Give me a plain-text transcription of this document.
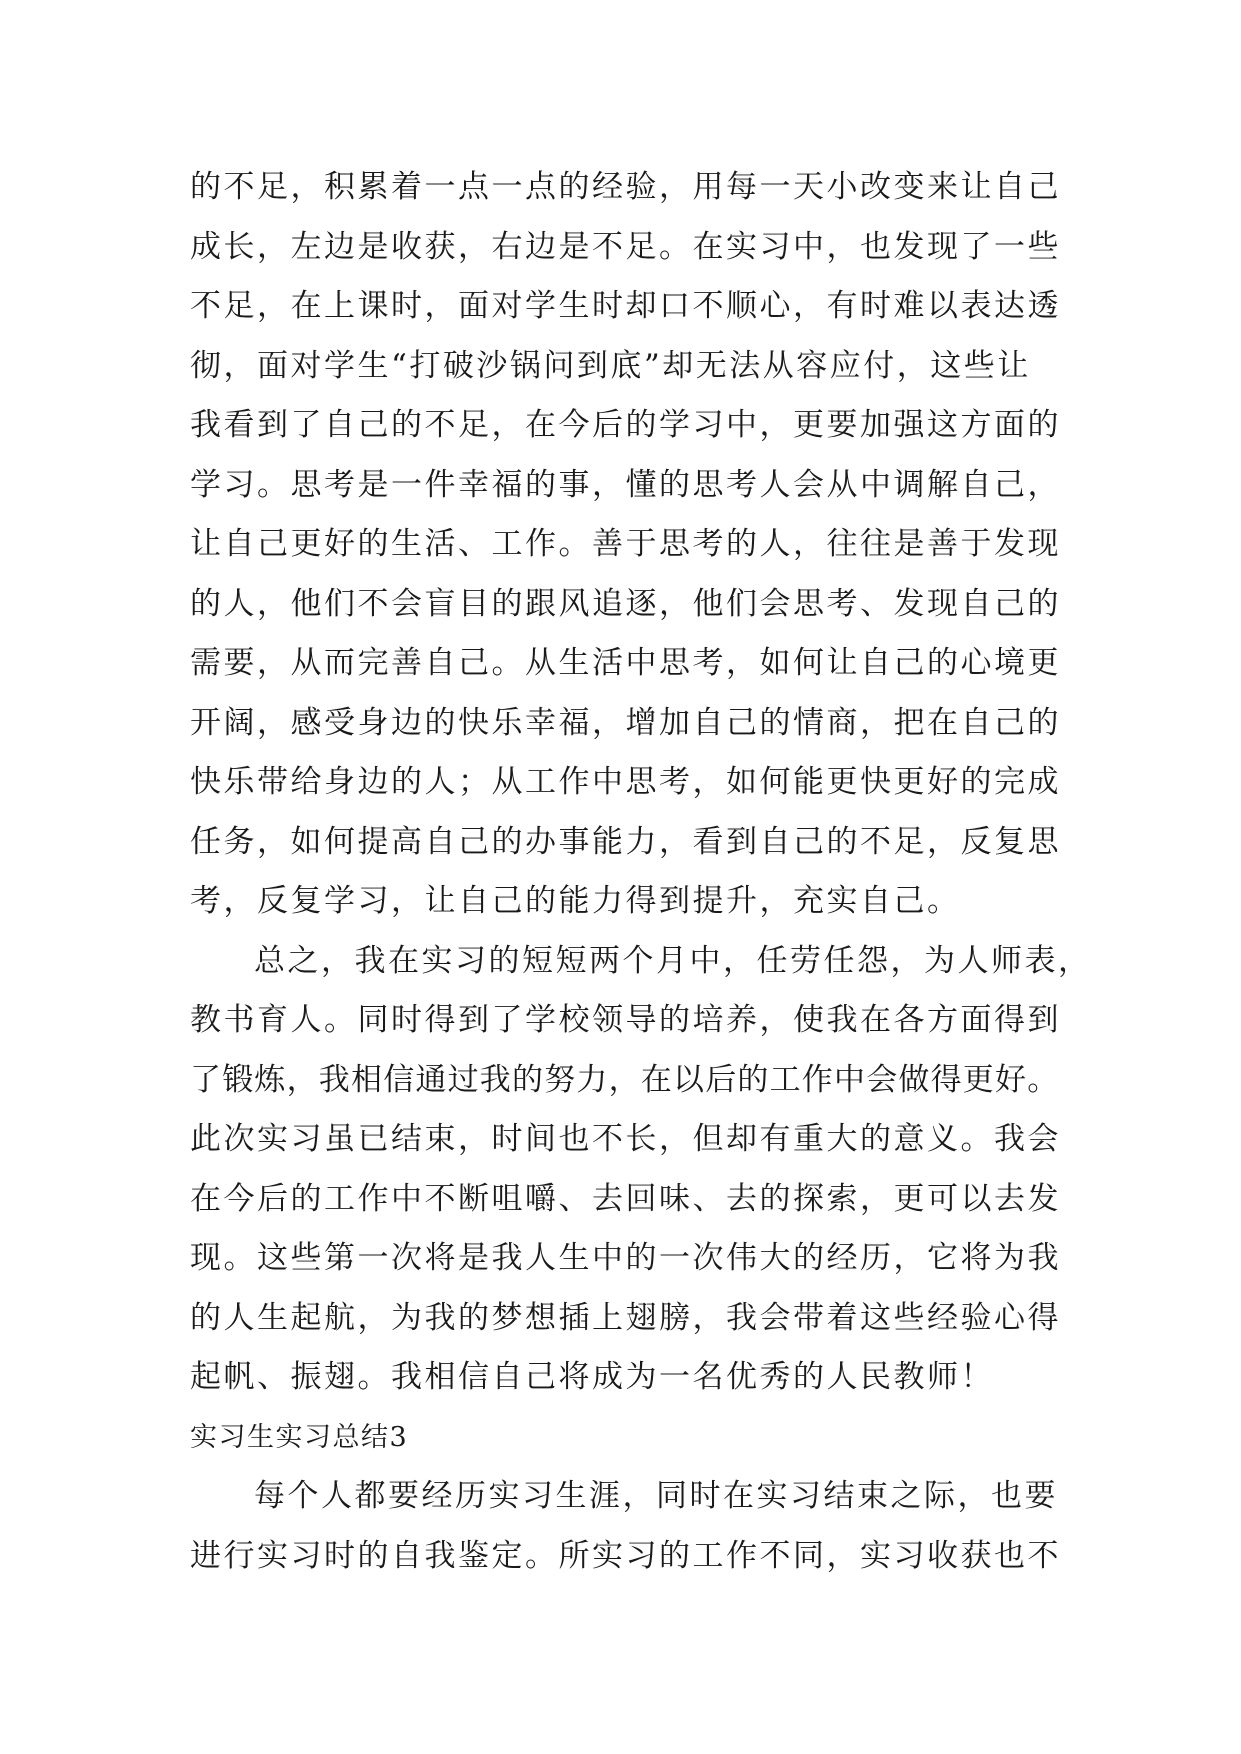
的不足，积累着一点一点的经验，用每一天小改变来让自己
成长，左边是收获，右边是不足。在实习中，也发现了一些
不足，在上课时，面对学生时却口不顺心，有时难以表达透
彻，面对学生“打破沙锅问到底”却无法从容应付，这些让
我看到了自己的不足，在今后的学习中，更要加强这方面的
学习。思考是一件幸福的事，懂的思考人会从中调解自己，
让自己更好的生活、工作。善于思考的人，往往是善于发现
的人，他们不会盲目的跟风追逐，他们会思考、发现自己的
需要，从而完善自己。从生活中思考，如何让自己的心境更
开阔，感受身边的快乐幸福，增加自己的情商，把在自己的
快乐带给身边的人；从工作中思考，如何能更快更好的完成
任务，如何提高自己的办事能力，看到自己的不足，反复思
考，反复学习，让自己的能力得到提升，充实自己。
总之，我在实习的短短两个月中，任劳任怨，为人师表，
教书育人。同时得到了学校领导的培养，使我在各方面得到
了锻炼，我相信通过我的努力，在以后的工作中会做得更好。
此次实习虽已结束，时间也不长，但却有重大的意义。我会
在今后的工作中不断咀嚼、去回味、去的探索，更可以去发
现。这些第一次将是我人生中的一次伟大的经历，它将为我
的人生起航，为我的梦想插上翅膀，我会带着这些经验心得
起帆、振翅。我相信自己将成为一名优秀的人民教师！
实习生实习总结3
每个人都要经历实习生涯，同时在实习结束之际，也要
进行实习时的自我鉴定。所实习的工作不同，实习收获也不
